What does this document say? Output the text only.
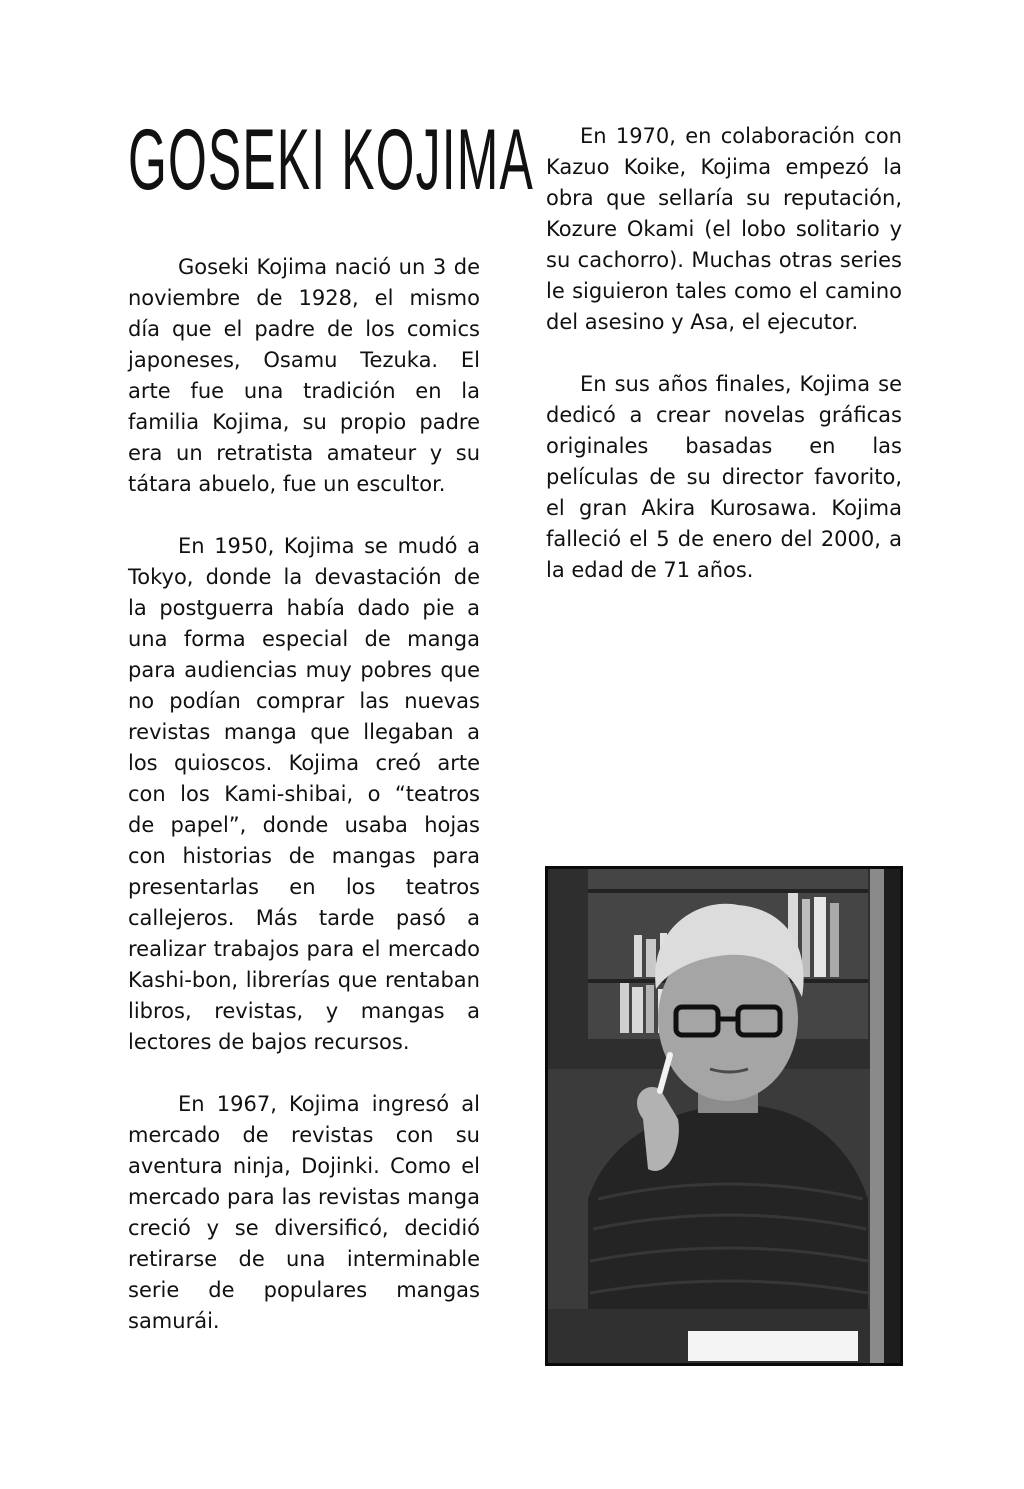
GOSEKI KOJIMA

Goseki Kojima nació un 3 de noviembre de 1928, el mismo día que el padre de los comics japoneses, Osamu Tezuka. El arte fue una tradición en la familia Kojima, su propio padre era un retratista amateur y su tátara abuelo, fue un escultor.

En 1950, Kojima se mudó a Tokyo, donde la devastación de la postguerra había dado pie a una forma especial de manga para audiencias muy pobres que no podían comprar las nuevas revistas manga que llegaban a los quioscos. Kojima creó arte con los Kami-shibai, o “teatros de papel”, donde usaba hojas con historias de mangas para presentarlas en los teatros callejeros. Más tarde pasó a realizar trabajos para el mercado Kashi-bon, librerías que rentaban libros, revistas, y mangas a lectores de bajos recursos.

En 1967, Kojima ingresó al mercado de revistas con su aventura ninja, Dojinki. Como el mercado para las revistas manga creció y se diversificó, decidió retirarse de una interminable serie de populares mangas samurái.

En 1970, en colaboración con Kazuo Koike, Kojima empezó la obra que sellaría su reputación, Kozure Okami (el lobo solitario y su cachorro). Muchas otras series le siguieron tales como el camino del asesino y Asa, el ejecutor.

En sus años finales, Kojima se dedicó a crear novelas gráficas originales basadas en las películas de su director favorito, el gran Akira Kurosawa. Kojima falleció el 5 de enero del 2000, a la edad de 71 años.
